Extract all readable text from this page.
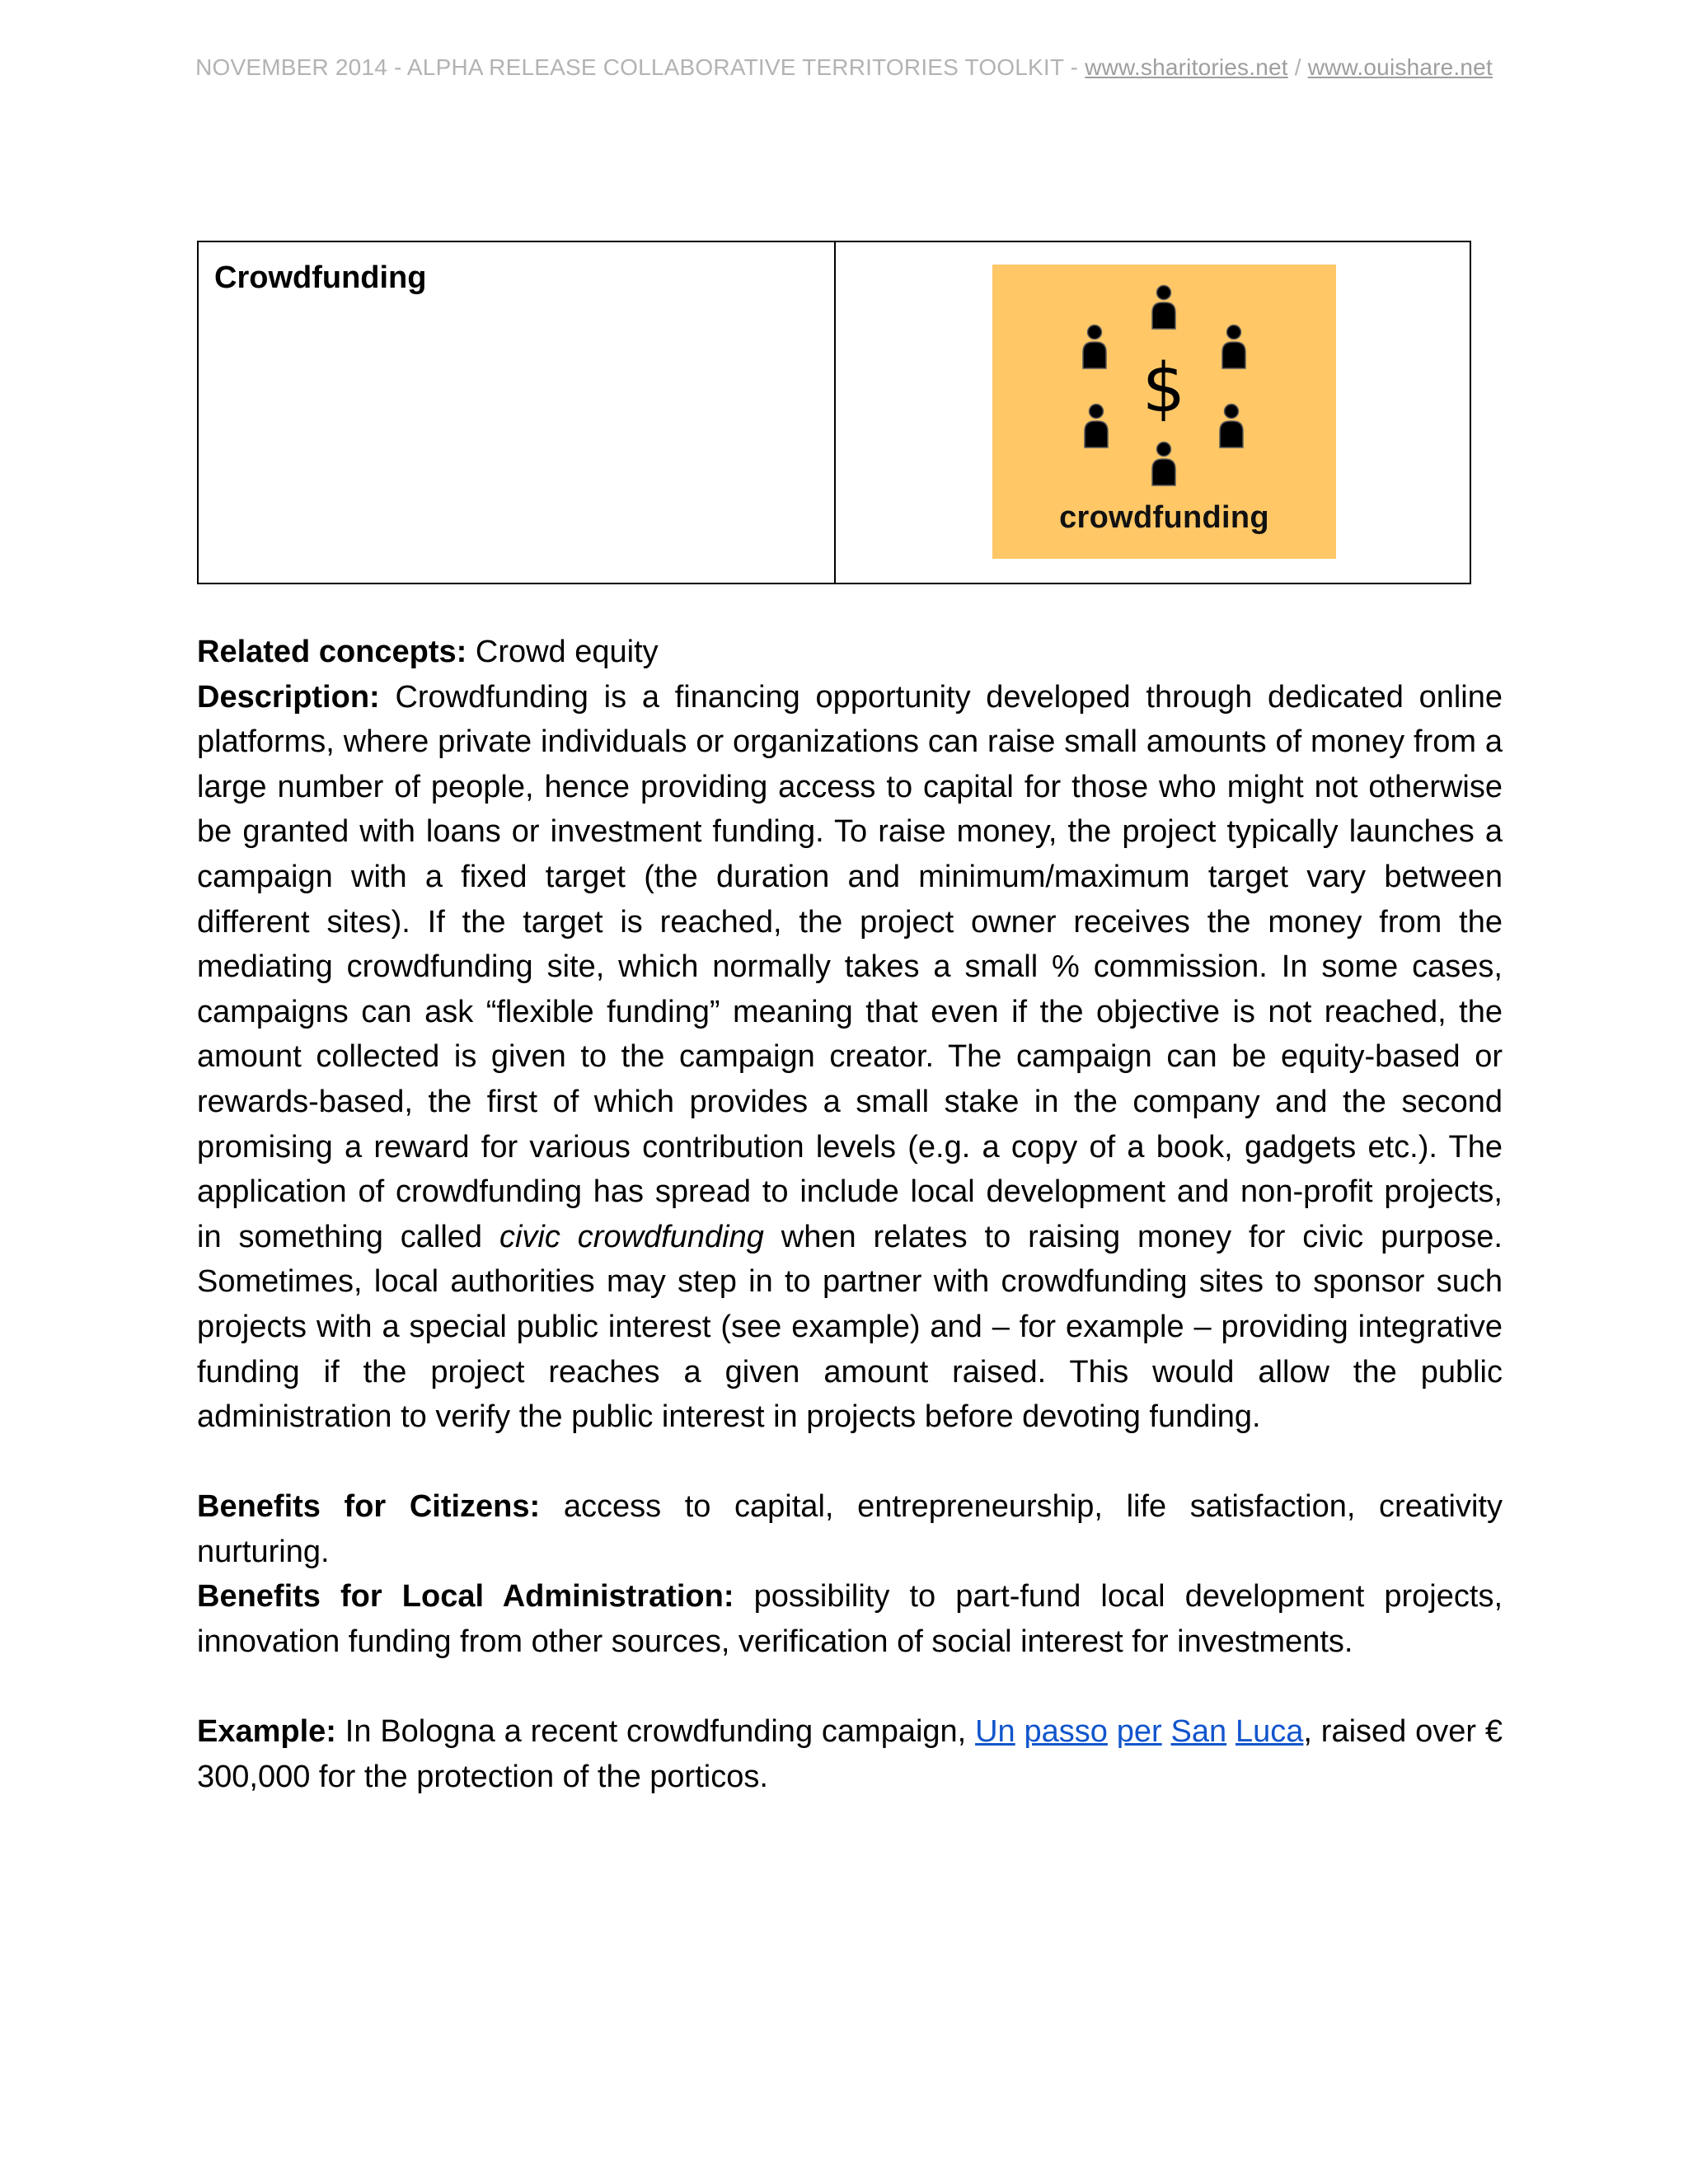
NOVEMBER 2014 - ALPHA RELEASE COLLABORATIVE TERRITORIES TOOLKIT - www.sharitories.net / www.ouishare.net
Crowdfunding
$
crowdfunding

Related concepts: Crowd equity

Description: Crowdfunding is a financing opportunity developed through dedicated online platforms, where private individuals or organizations can raise small amounts of money from a large number of people, hence providing access to capital for those who might not otherwise be granted with loans or investment funding. To raise money, the project typically launches a campaign with a fixed target (the duration and minimum/maximum target vary between different sites). If the target is reached, the project owner receives the money from the mediating crowdfunding site, which normally takes a small % commission. In some cases, campaigns can ask “flexible funding” meaning that even if the objective is not reached, the amount collected is given to the campaign creator. The campaign can be equity-based or rewards-based, the first of which provides a small stake in the company and the second promising a reward for various contribution levels (e.g. a copy of a book, gadgets etc.). The application of crowdfunding has spread to include local development and non-profit projects, in something called civic crowdfunding when relates to raising money for civic purpose. Sometimes, local authorities may step in to partner with crowdfunding sites to sponsor such projects with a special public interest (see example) and – for example – providing integrative funding if the project reaches a given amount raised. This would allow the public administration to verify the public interest in projects before devoting funding.

Benefits for Citizens: access to capital, entrepreneurship, life satisfaction, creativity nurturing.

Benefits for Local Administration: possibility to part-fund local development projects, innovation funding from other sources, verification of social interest for investments.

Example: In Bologna a recent crowdfunding campaign, Un passo per San Luca, raised over € 300,000 for the protection of the porticos.
